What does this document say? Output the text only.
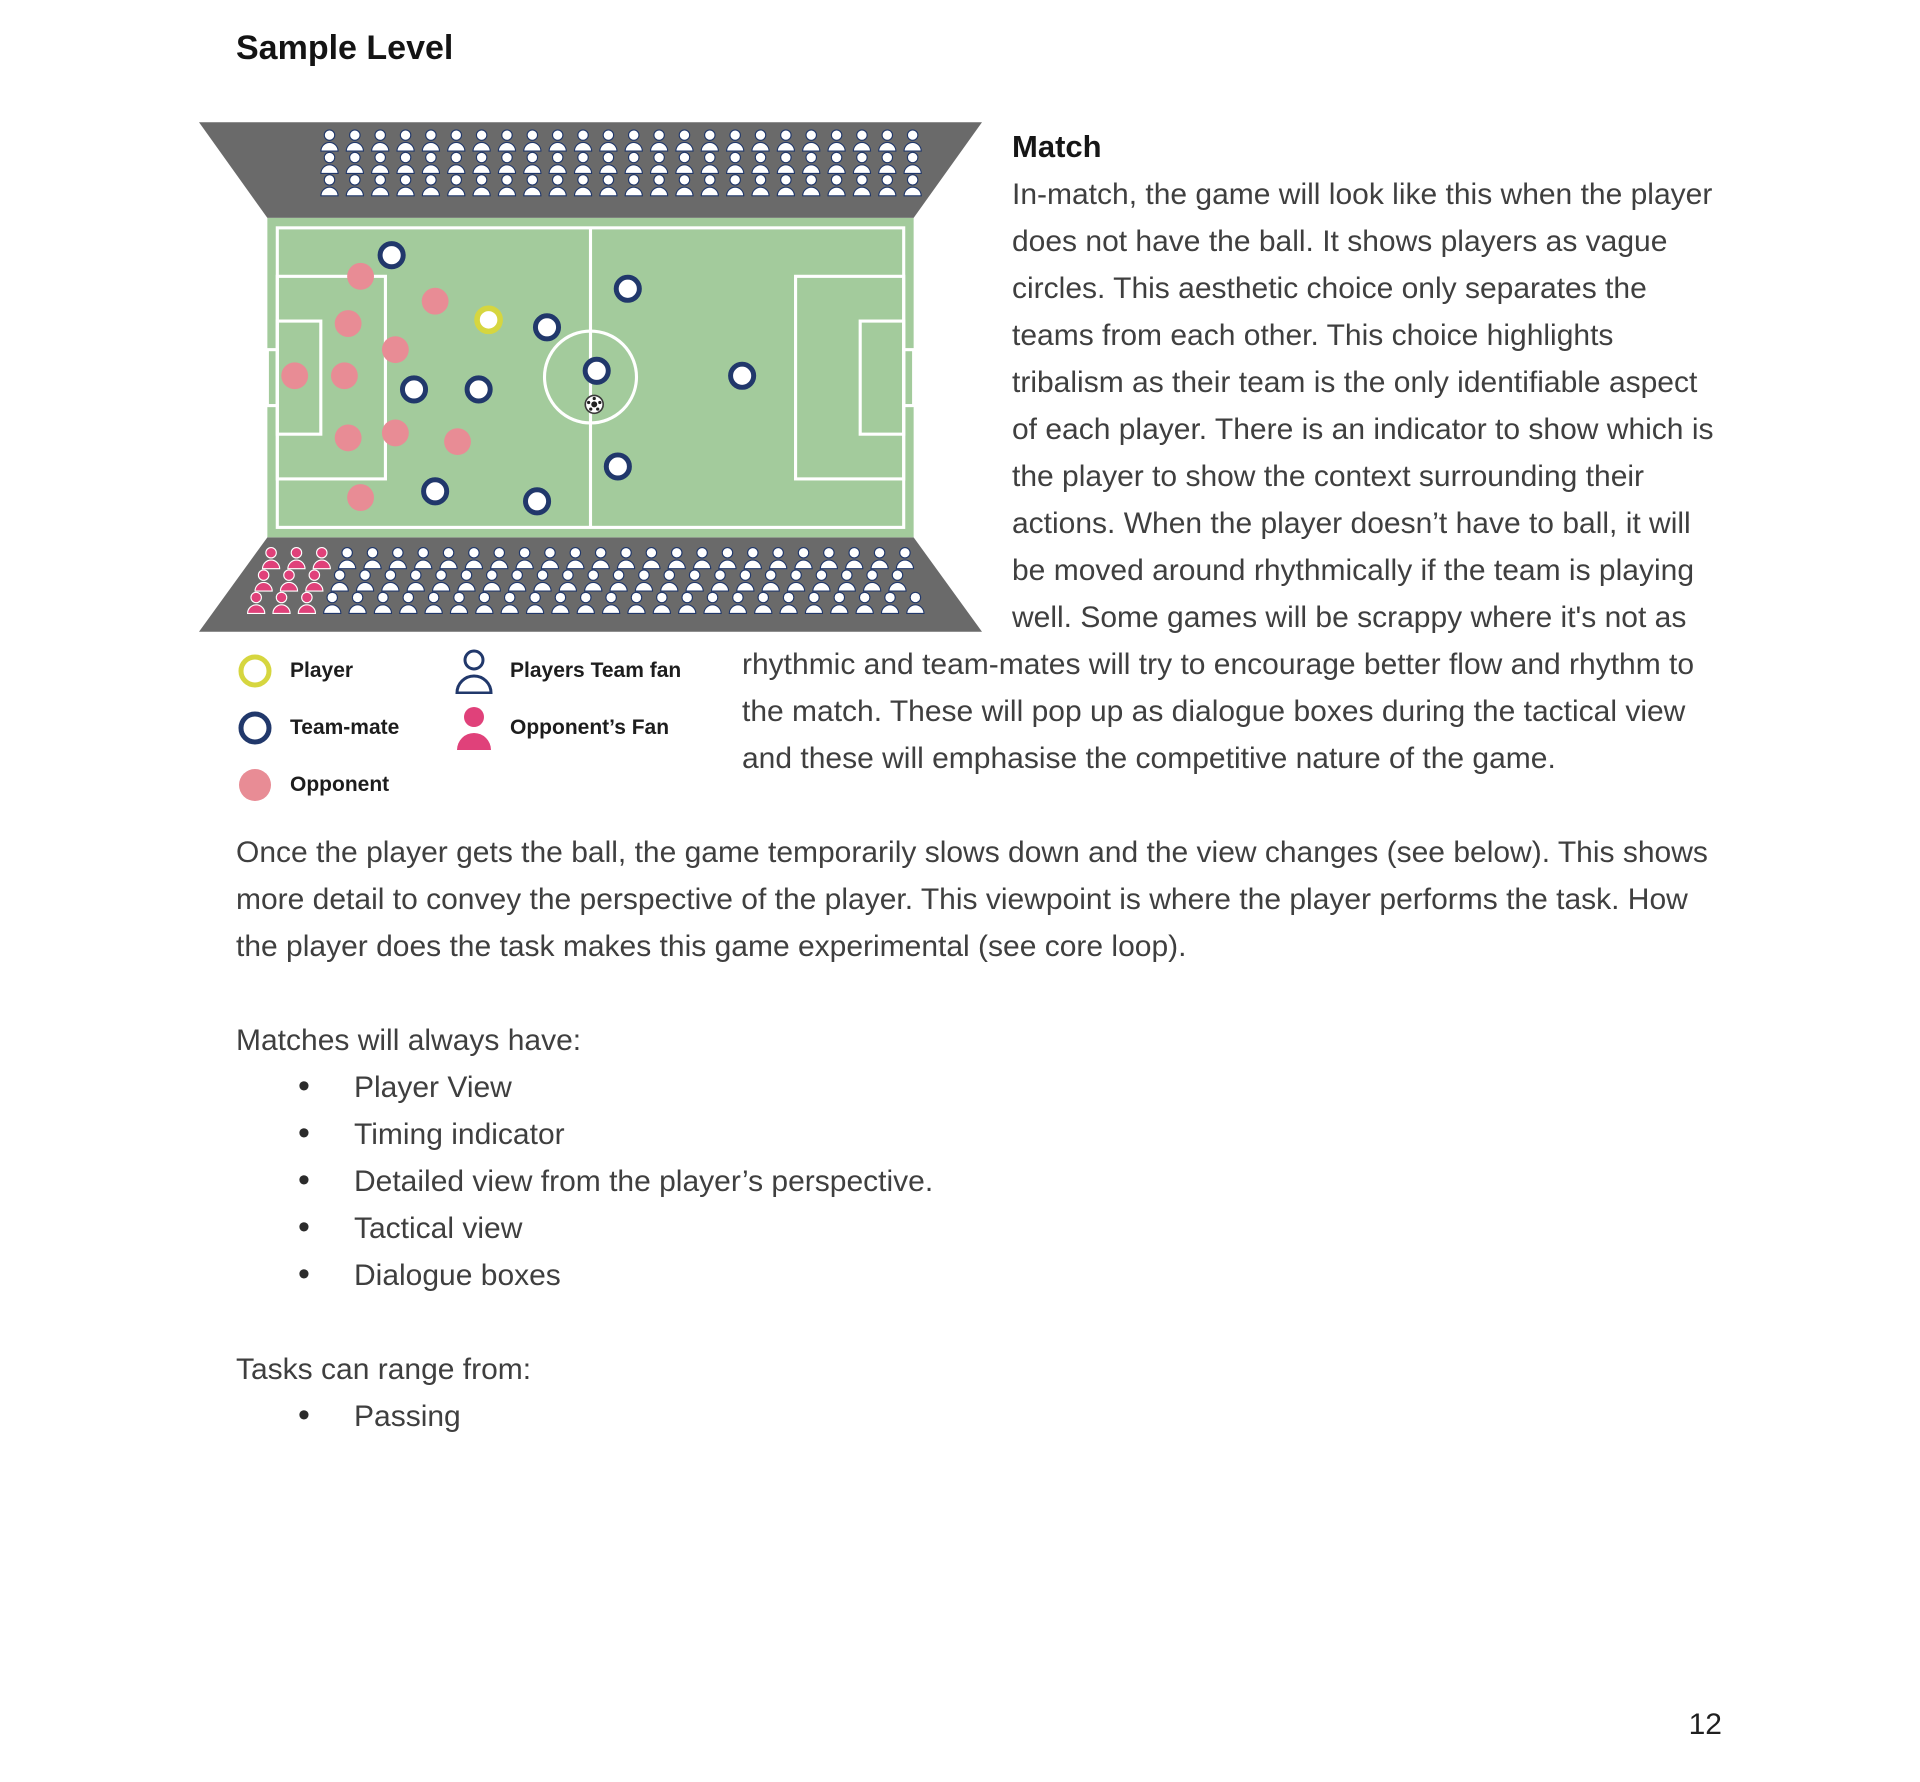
Sample Level
Player	Players Team fan
Team-mate	Opponent’s Fan
Opponent
Match

In-match, the game will look like this when the player does not have the ball. It shows players as vague circles. This aesthetic choice only separates the teams from each other. This choice highlights tribalism as their team is the only identifiable aspect of each player. There is an indicator to show which is the player to show the context surrounding their actions. When the player doesn’t have to ball, it will be moved around rhythmically if the team is playing well. Some games will be scrappy where it's not as rhythmic and team-mates will try to encourage better flow and rhythm to the match. These will pop up as dialogue boxes during the tactical view and these will emphasise the competitive nature of the game.

Once the player gets the ball, the game temporarily slows down and the view changes (see below). This shows more detail to convey the perspective of the player. This viewpoint is where the player performs the task. How the player does the task makes this game experimental (see core loop).

Matches will always have:

• Player View
• Timing indicator
• Detailed view from the player’s perspective.
• Tactical view
• Dialogue boxes

Tasks can range from:

• Passing
12
